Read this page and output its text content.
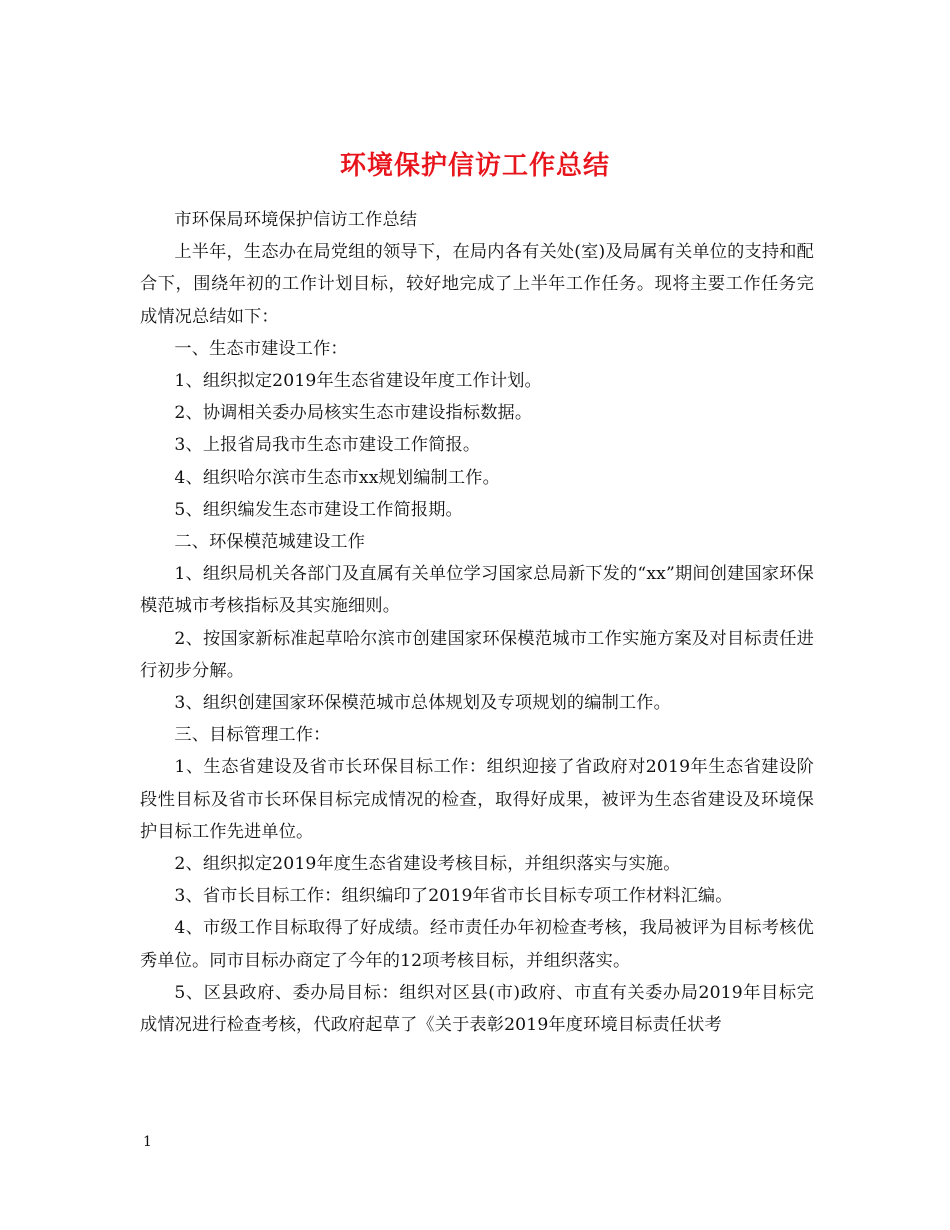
环境保护信访工作总结

市环保局环境保护信访工作总结

上半年，生态办在局党组的领导下，在局内各有关处(室)及局属有关单位的支持和配合下，围绕年初的工作计划目标，较好地完成了上半年工作任务。现将主要工作任务完成情况总结如下：

一、生态市建设工作：

1、组织拟定2019年生态省建设年度工作计划。

2、协调相关委办局核实生态市建设指标数据。

3、上报省局我市生态市建设工作简报。

4、组织哈尔滨市生态市xx规划编制工作。

5、组织编发生态市建设工作简报期。

二、环保模范城建设工作

1、组织局机关各部门及直属有关单位学习国家总局新下发的“xx”期间创建国家环保模范城市考核指标及其实施细则。

2、按国家新标准起草哈尔滨市创建国家环保模范城市工作实施方案及对目标责任进行初步分解。

3、组织创建国家环保模范城市总体规划及专项规划的编制工作。

三、目标管理工作：

1、生态省建设及省市长环保目标工作：组织迎接了省政府对2019年生态省建设阶段性目标及省市长环保目标完成情况的检查，取得好成果，被评为生态省建设及环境保护目标工作先进单位。

2、组织拟定2019年度生态省建设考核目标，并组织落实与实施。

3、省市长目标工作：组织编印了2019年省市长目标专项工作材料汇编。

4、市级工作目标取得了好成绩。经市责任办年初检查考核，我局被评为目标考核优秀单位。同市目标办商定了今年的12项考核目标，并组织落实。

5、区县政府、委办局目标：组织对区县(市)政府、市直有关委办局2019年目标完成情况进行检查考核，代政府起草了《关于表彰2019年度环境目标责任状考

1
